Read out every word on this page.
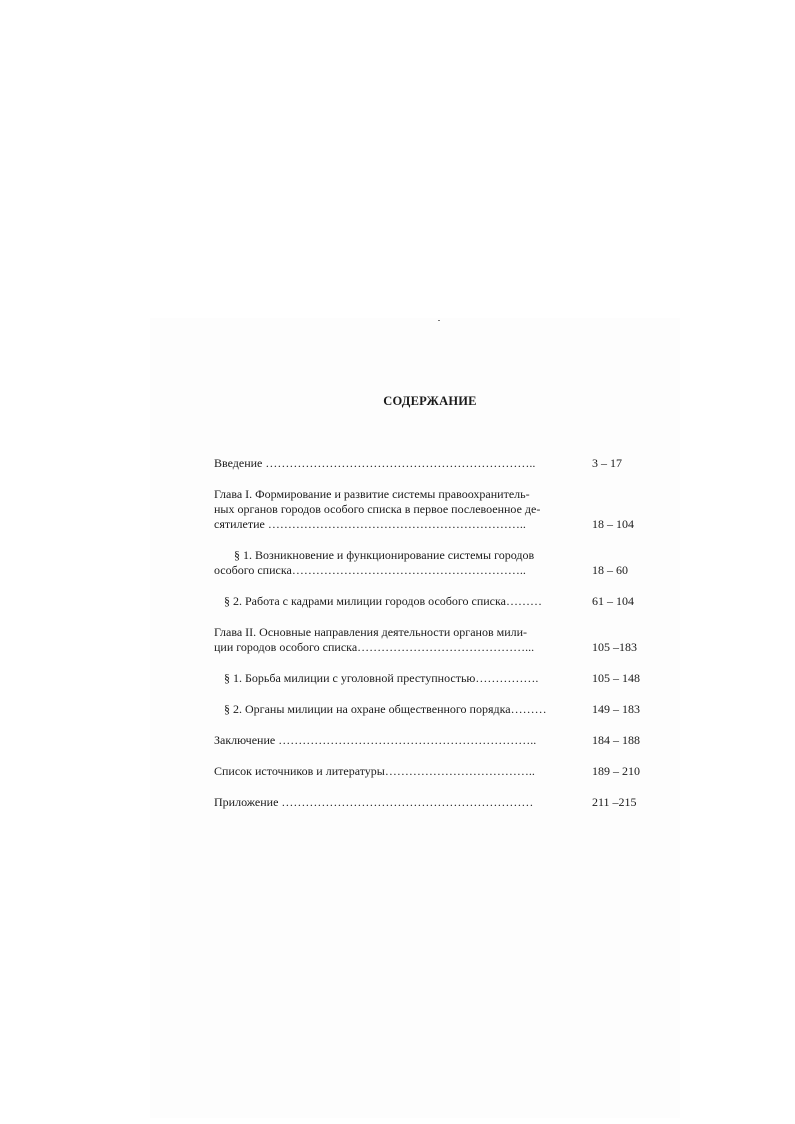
СОДЕРЖАНИЕ
Введение …………………………………………………………..	3 – 17
Глава I. Формирование и развитие системы правоохранитель-
ных органов городов особого списка в первое послевоенное де-
сятилетие ………………………………………………………..	18 – 104
§ 1. Возникновение и функционирование системы городов
особого списка…………………………………………………..	18 – 60
§ 2. Работа с кадрами милиции городов особого списка………	61 – 104
Глава II. Основные направления деятельности органов мили-
ции городов особого списка……………………………………...	105 –183
§ 1. Борьба милиции с уголовной преступностью…………….	105 – 148
§ 2. Органы милиции на охране общественного порядка………	149 – 183
Заключение ………………………………………………………..	184 – 188
Список источников и литературы………………………………..	189 – 210
Приложение ………………………………………………………	211 –215
